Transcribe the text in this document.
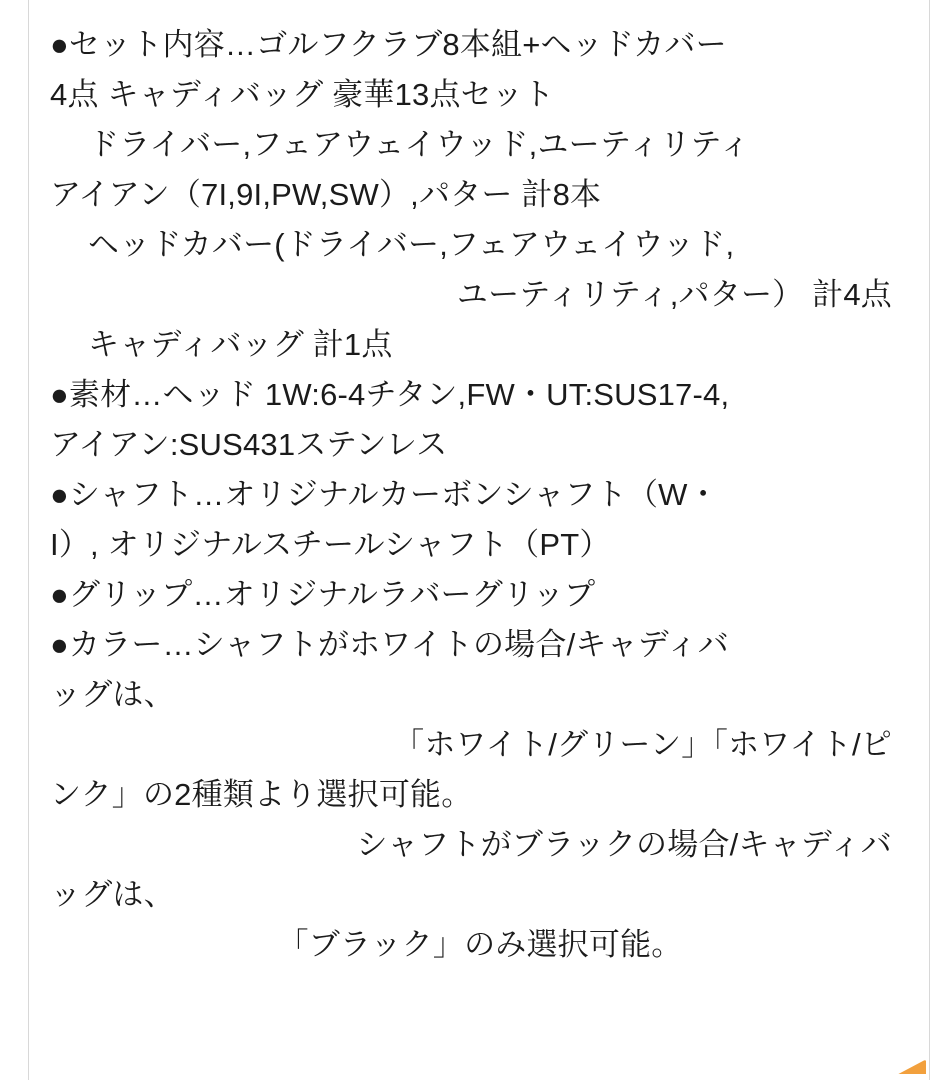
●セット内容…ゴルフクラブ8本組+ヘッドカバー
4点 キャディバッグ 豪華13点セット
ドライバー,フェアウェイウッド,ユーティリティ
アイアン（7I,9I,PW,SW）,パター 計8本
ヘッドカバー(ドライバー,フェアウェイウッド,
ユーティリティ,パター） 計4点
キャディバッグ 計1点
●素材…ヘッド 1W:6-4チタン,FW・UT:SUS17-4,
アイアン:SUS431ステンレス
●シャフト…オリジナルカーボンシャフト（W・
I）, オリジナルスチールシャフト（PT）
●グリップ…オリジナルラバーグリップ
●カラー…シャフトがホワイトの場合/キャディバ
ッグは、
「ホワイト/グリーン」「ホワイト/ピ
ンク」の2種類より選択可能。
シャフトがブラックの場合/キャディバ
ッグは、
「ブラック」のみ選択可能。
